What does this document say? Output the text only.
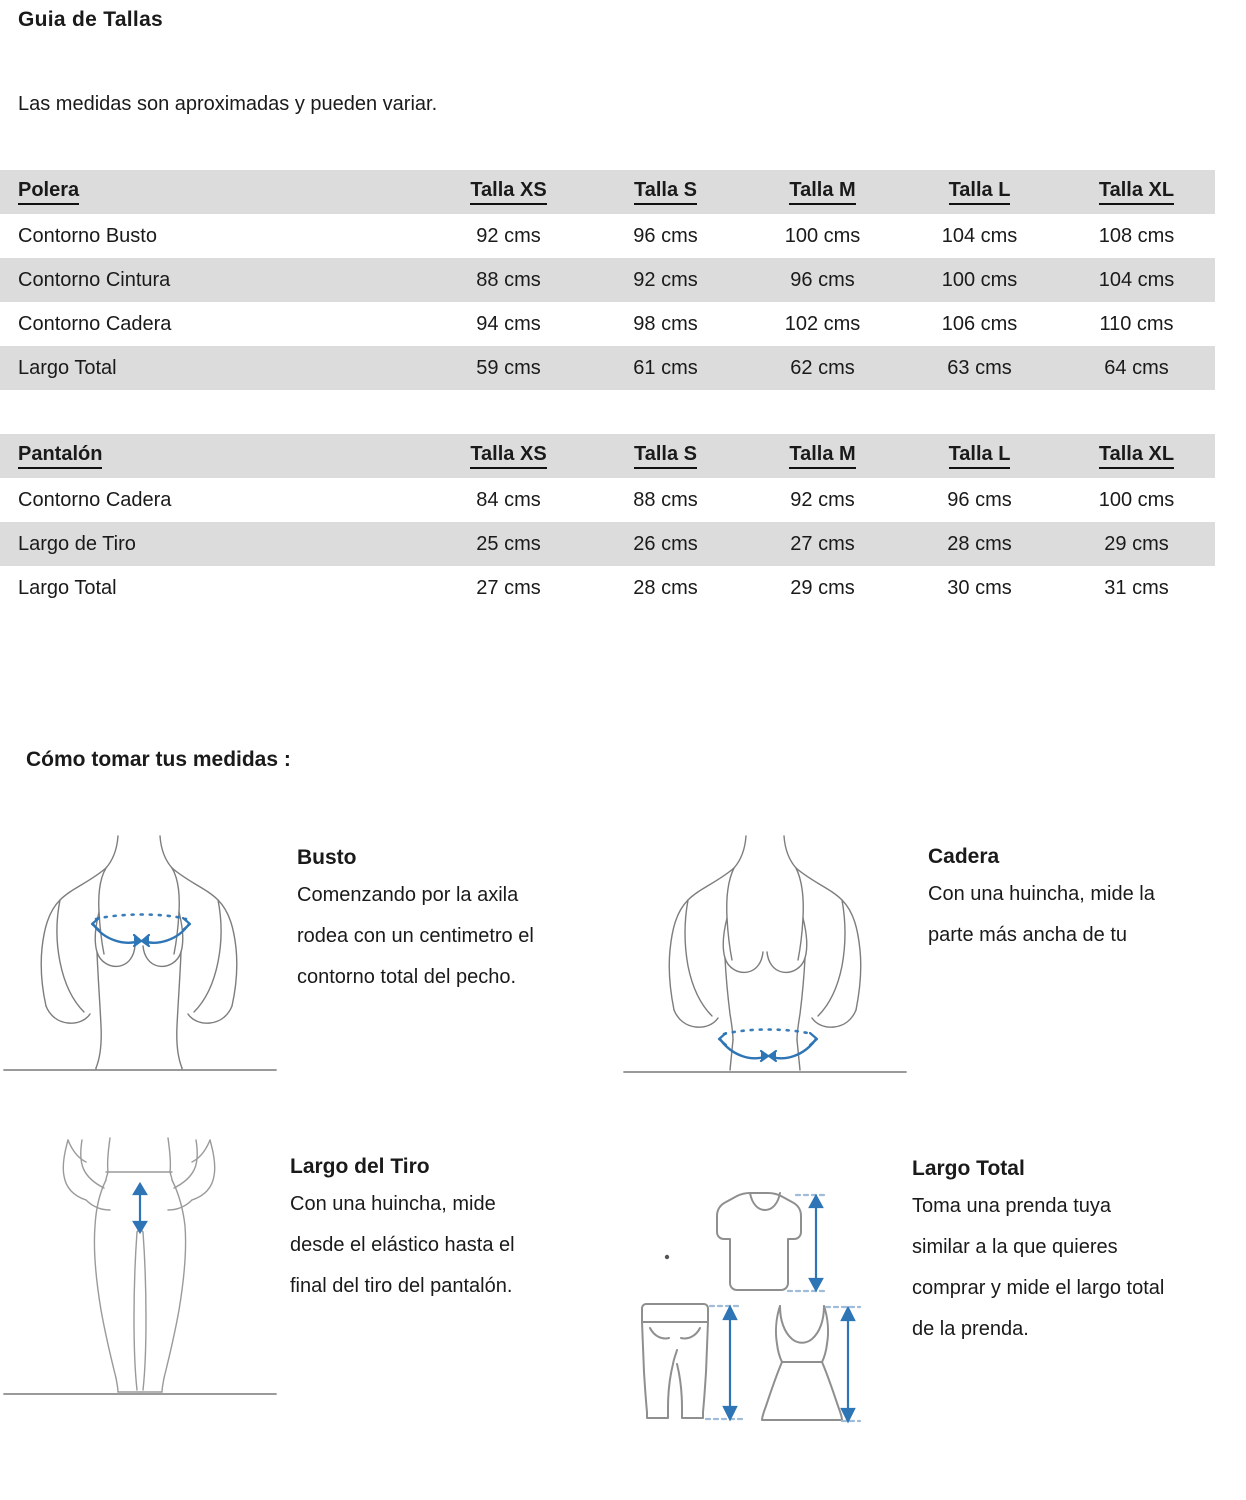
Guia de Tallas
Las medidas son aproximadas y pueden variar.
Polera	Talla XS	Talla S	Talla M	Talla L	Talla XL
Contorno Busto	92 cms	96 cms	100 cms	104 cms	108 cms
Contorno Cintura	88 cms	92 cms	96 cms	100 cms	104 cms
Contorno Cadera	94 cms	98 cms	102 cms	106 cms	110 cms
Largo Total	59 cms	61 cms	62 cms	63 cms	64 cms
Pantalón	Talla XS	Talla S	Talla M	Talla L	Talla XL
Contorno Cadera	84 cms	88 cms	92 cms	96 cms	100 cms
Largo de Tiro	25 cms	26 cms	27 cms	28 cms	29 cms
Largo Total	27 cms	28 cms	29 cms	30 cms	31 cms
Cómo tomar tus medidas :
Busto
Comenzando por la axila
rodea con un centimetro el
contorno total del pecho.
Cadera
Con una huincha, mide la
parte más ancha de tu
Largo del Tiro
Con una huincha, mide
desde el elástico hasta el
final del tiro del pantalón.
Largo Total
Toma una prenda tuya
similar a la que quieres
comprar y mide el largo total
de la prenda.
